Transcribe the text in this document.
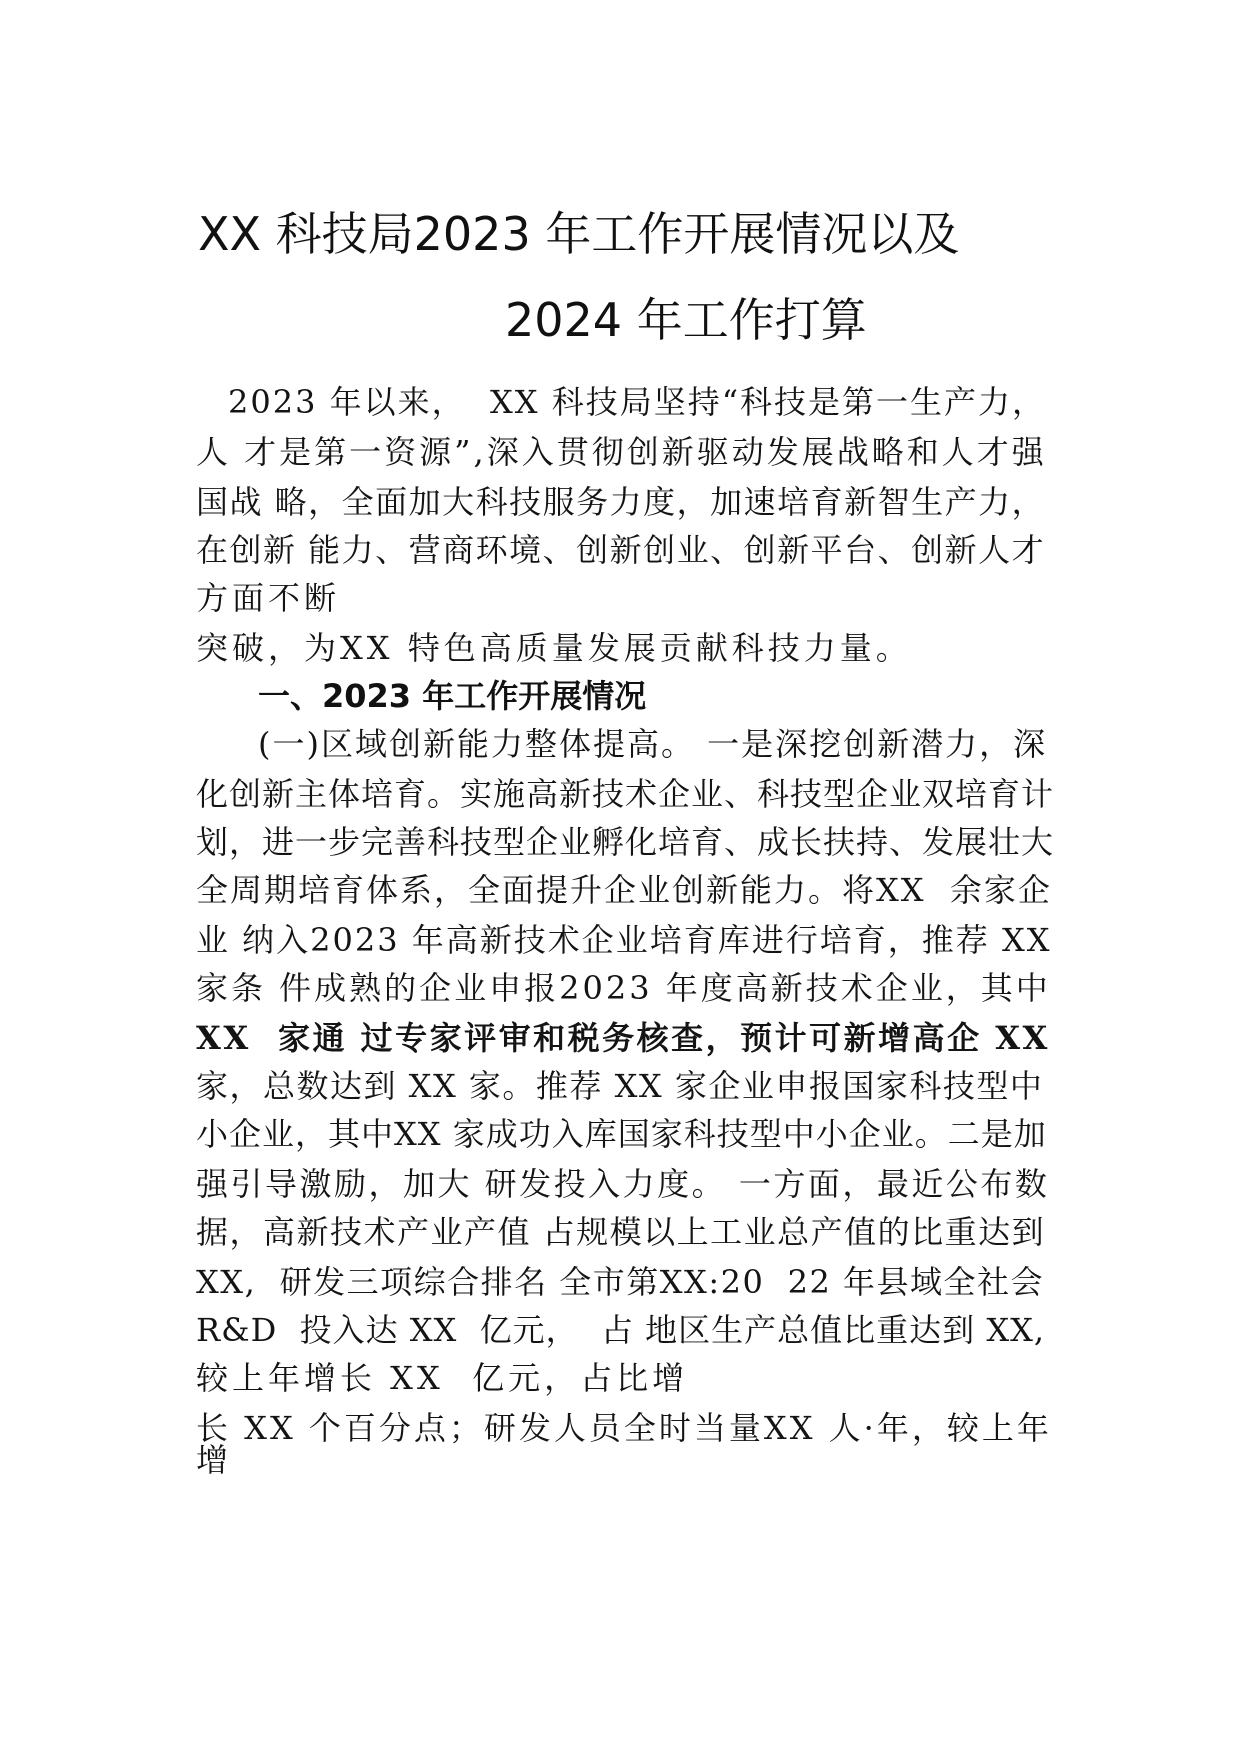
XX 科技局2023 年工作开展情况以及
2024 年工作打算
2023 年以来，  XX 科技局坚持“科技是第一生产力，
人 才是第一资源”,深入贯彻创新驱动发展战略和人才强
国战 略，全面加大科技服务力度，加速培育新智生产力，
在创新 能力、营商环境、创新创业、创新平台、创新人才
方面不断
突破，为XX 特色高质量发展贡献科技力量。
一、2023 年工作开展情况
(一)区域创新能力整体提高。 一是深挖创新潜力，深
化创新主体培育。实施高新技术企业、科技型企业双培育计
划，进一步完善科技型企业孵化培育、成长扶持、发展壮大
全周期培育体系，全面提升企业创新能力。将XX  余家企
业 纳入2023 年高新技术企业培育库进行培育，推荐 XX
家条 件成熟的企业申报2023 年度高新技术企业，其中
XX  家通 过专家评审和税务核查，预计可新增高企 XX
家，总数达到 XX 家。推荐 XX 家企业申报国家科技型中
小企业，其中XX 家成功入库国家科技型中小企业。二是加
强引导激励，加大 研发投入力度。 一方面，最近公布数
据，高新技术产业产值 占规模以上工业总产值的比重达到
XX,  研发三项综合排名 全市第XX:20  22 年县域全社会
R&D  投入达 XX  亿元，  占 地区生产总值比重达到 XX,
较上年增长 XX  亿元，占比增
长 XX 个百分点；研发人员全时当量XX 人·年，较上年
增
